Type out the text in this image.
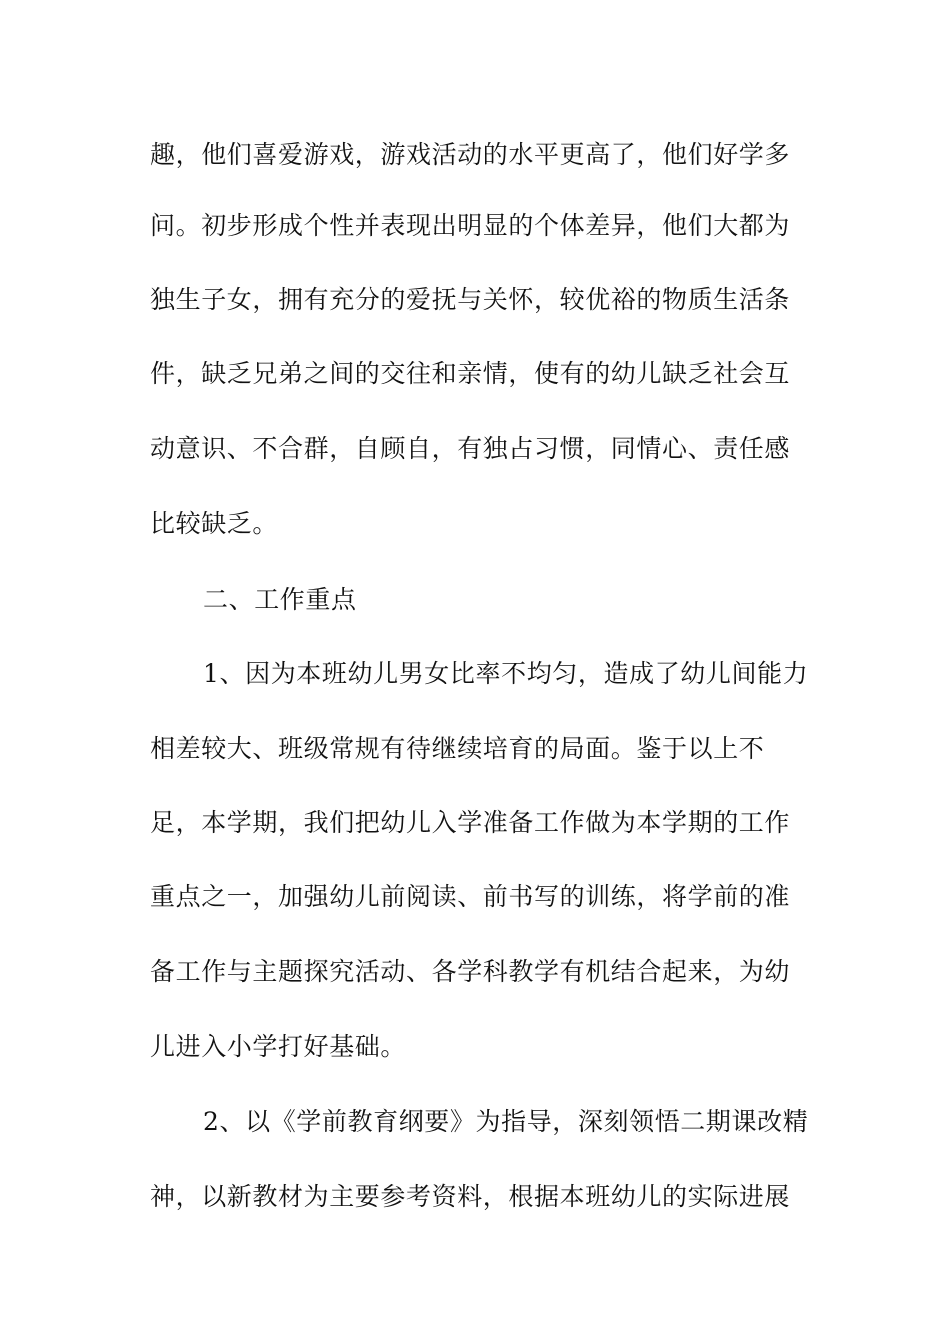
趣，他们喜爱游戏，游戏活动的水平更高了，他们好学多
问。初步形成个性并表现出明显的个体差异，他们大都为
独生子女，拥有充分的爱抚与关怀，较优裕的物质生活条
件，缺乏兄弟之间的交往和亲情，使有的幼儿缺乏社会互
动意识、不合群，自顾自，有独占习惯，同情心、责任感
比较缺乏。
二、工作重点
1、因为本班幼儿男女比率不均匀，造成了幼儿间能力
相差较大、班级常规有待继续培育的局面。鉴于以上不
足，本学期，我们把幼儿入学准备工作做为本学期的工作
重点之一，加强幼儿前阅读、前书写的训练，将学前的准
备工作与主题探究活动、各学科教学有机结合起来，为幼
儿进入小学打好基础。
2、以《学前教育纲要》为指导，深刻领悟二期课改精
神，以新教材为主要参考资料，根据本班幼儿的实际进展
